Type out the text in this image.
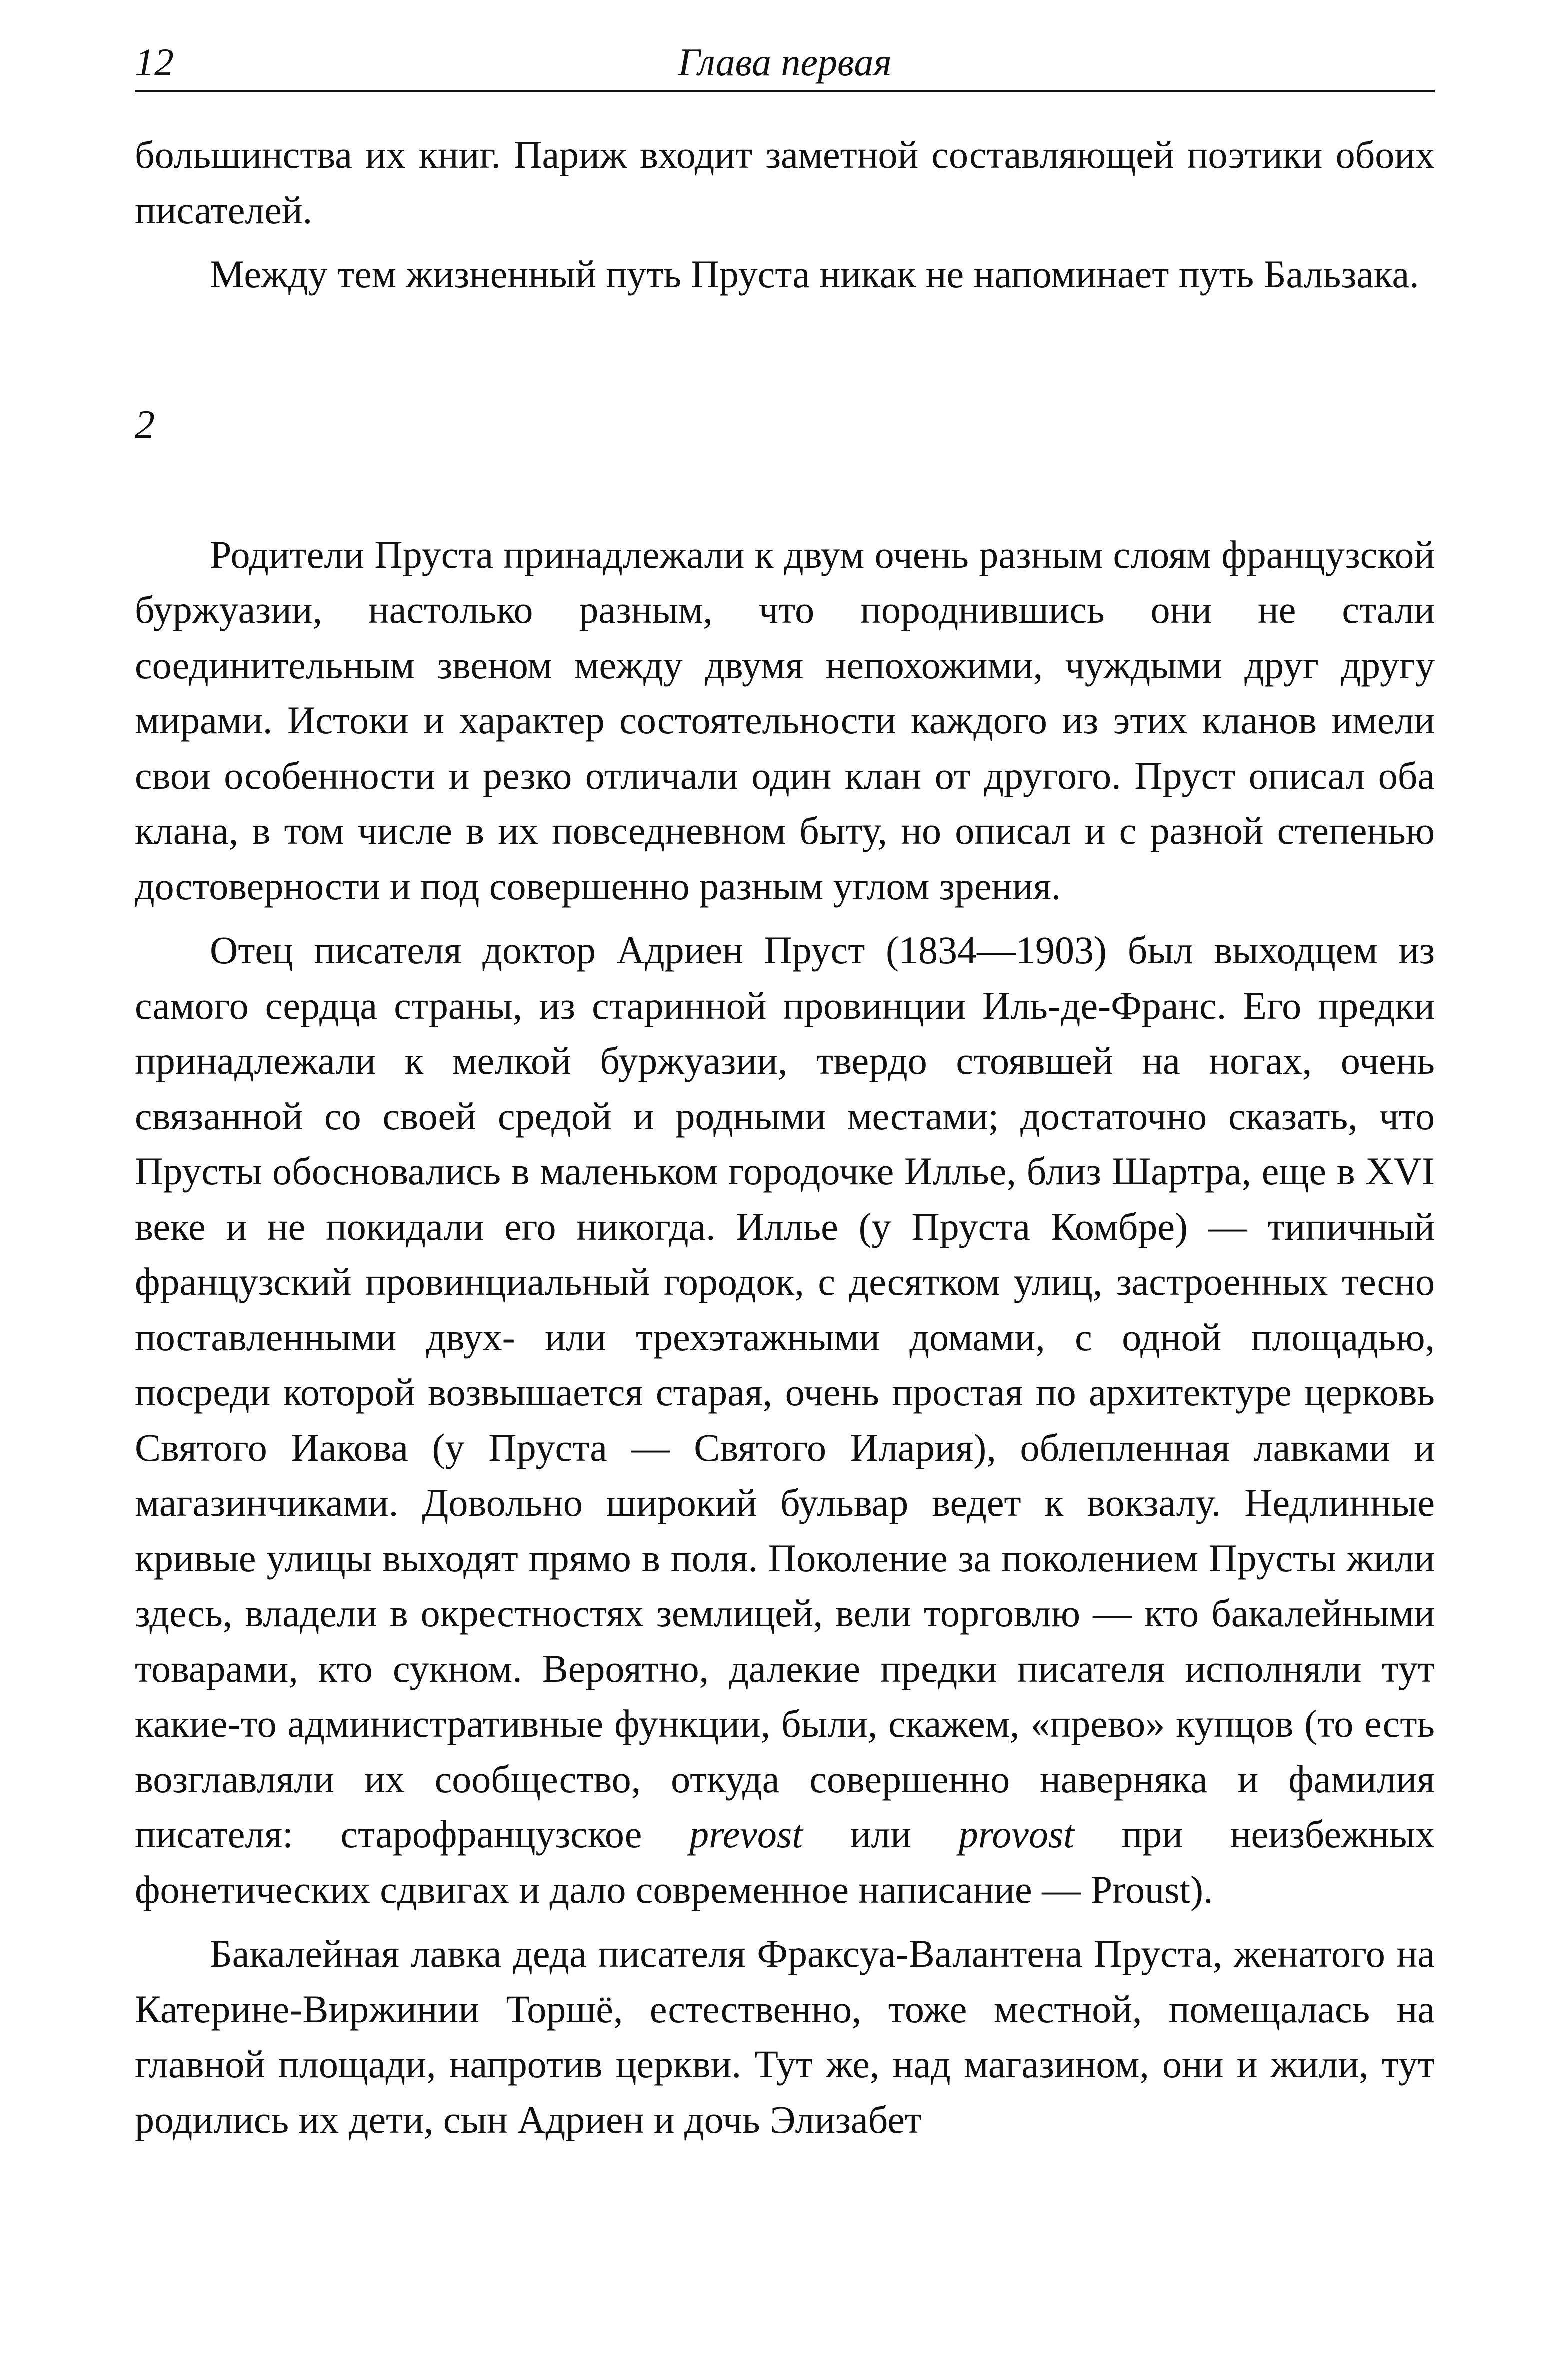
12	Глава первая

большинства их книг. Париж входит заметной составляющей поэтики обоих писателей.

Между тем жизненный путь Пруста никак не напоминает путь Бальзака.

2

Родители Пруста принадлежали к двум очень разным слоям французской буржуазии, настолько разным, что породнившись они не стали соединительным звеном между двумя непохожими, чуждыми друг другу мирами. Истоки и характер состоятельности каждого из этих кланов имели свои особенности и резко отличали один клан от другого. Пруст описал оба клана, в том числе в их повседневном быту, но описал и с разной степенью достоверности и под совершенно разным углом зрения.

Отец писателя доктор Адриен Пруст (1834—1903) был выходцем из самого сердца страны, из старинной провинции Иль-де-Франс. Его предки принадлежали к мелкой буржуазии, твердо стоявшей на ногах, очень связанной со своей средой и родными местами; достаточно сказать, что Прусты обосновались в маленьком городочке Иллье, близ Шартра, еще в XVI веке и не покидали его никогда. Иллье (у Пруста Комбре) — типичный французский провинциальный городок, с десятком улиц, застроенных тесно поставленными двух- или трехэтажными домами, с одной площадью, посреди которой возвышается старая, очень простая по архитектуре церковь Святого Иакова (у Пруста — Святого Илария), облепленная лавками и магазинчиками. Довольно широкий бульвар ведет к вокзалу. Недлинные кривые улицы выходят прямо в поля. Поколение за поколением Прусты жили здесь, владели в окрестностях землицей, вели торговлю — кто бакалейными товарами, кто сукном. Вероятно, далекие предки писателя исполняли тут какие-то административные функции, были, скажем, «прево» купцов (то есть возглавляли их сообщество, откуда совершенно наверняка и фамилия писателя: старофранцузское prevost или provost при неизбежных фонетических сдвигах и дало современное написание — Proust).

Бакалейная лавка деда писателя Фраксуа-Валантена Пруста, женатого на Катерине-Виржинии Торшё, естественно, тоже местной, помещалась на главной площади, напротив церкви. Тут же, над магазином, они и жили, тут родились их дети, сын Адриен и дочь Элизабет
